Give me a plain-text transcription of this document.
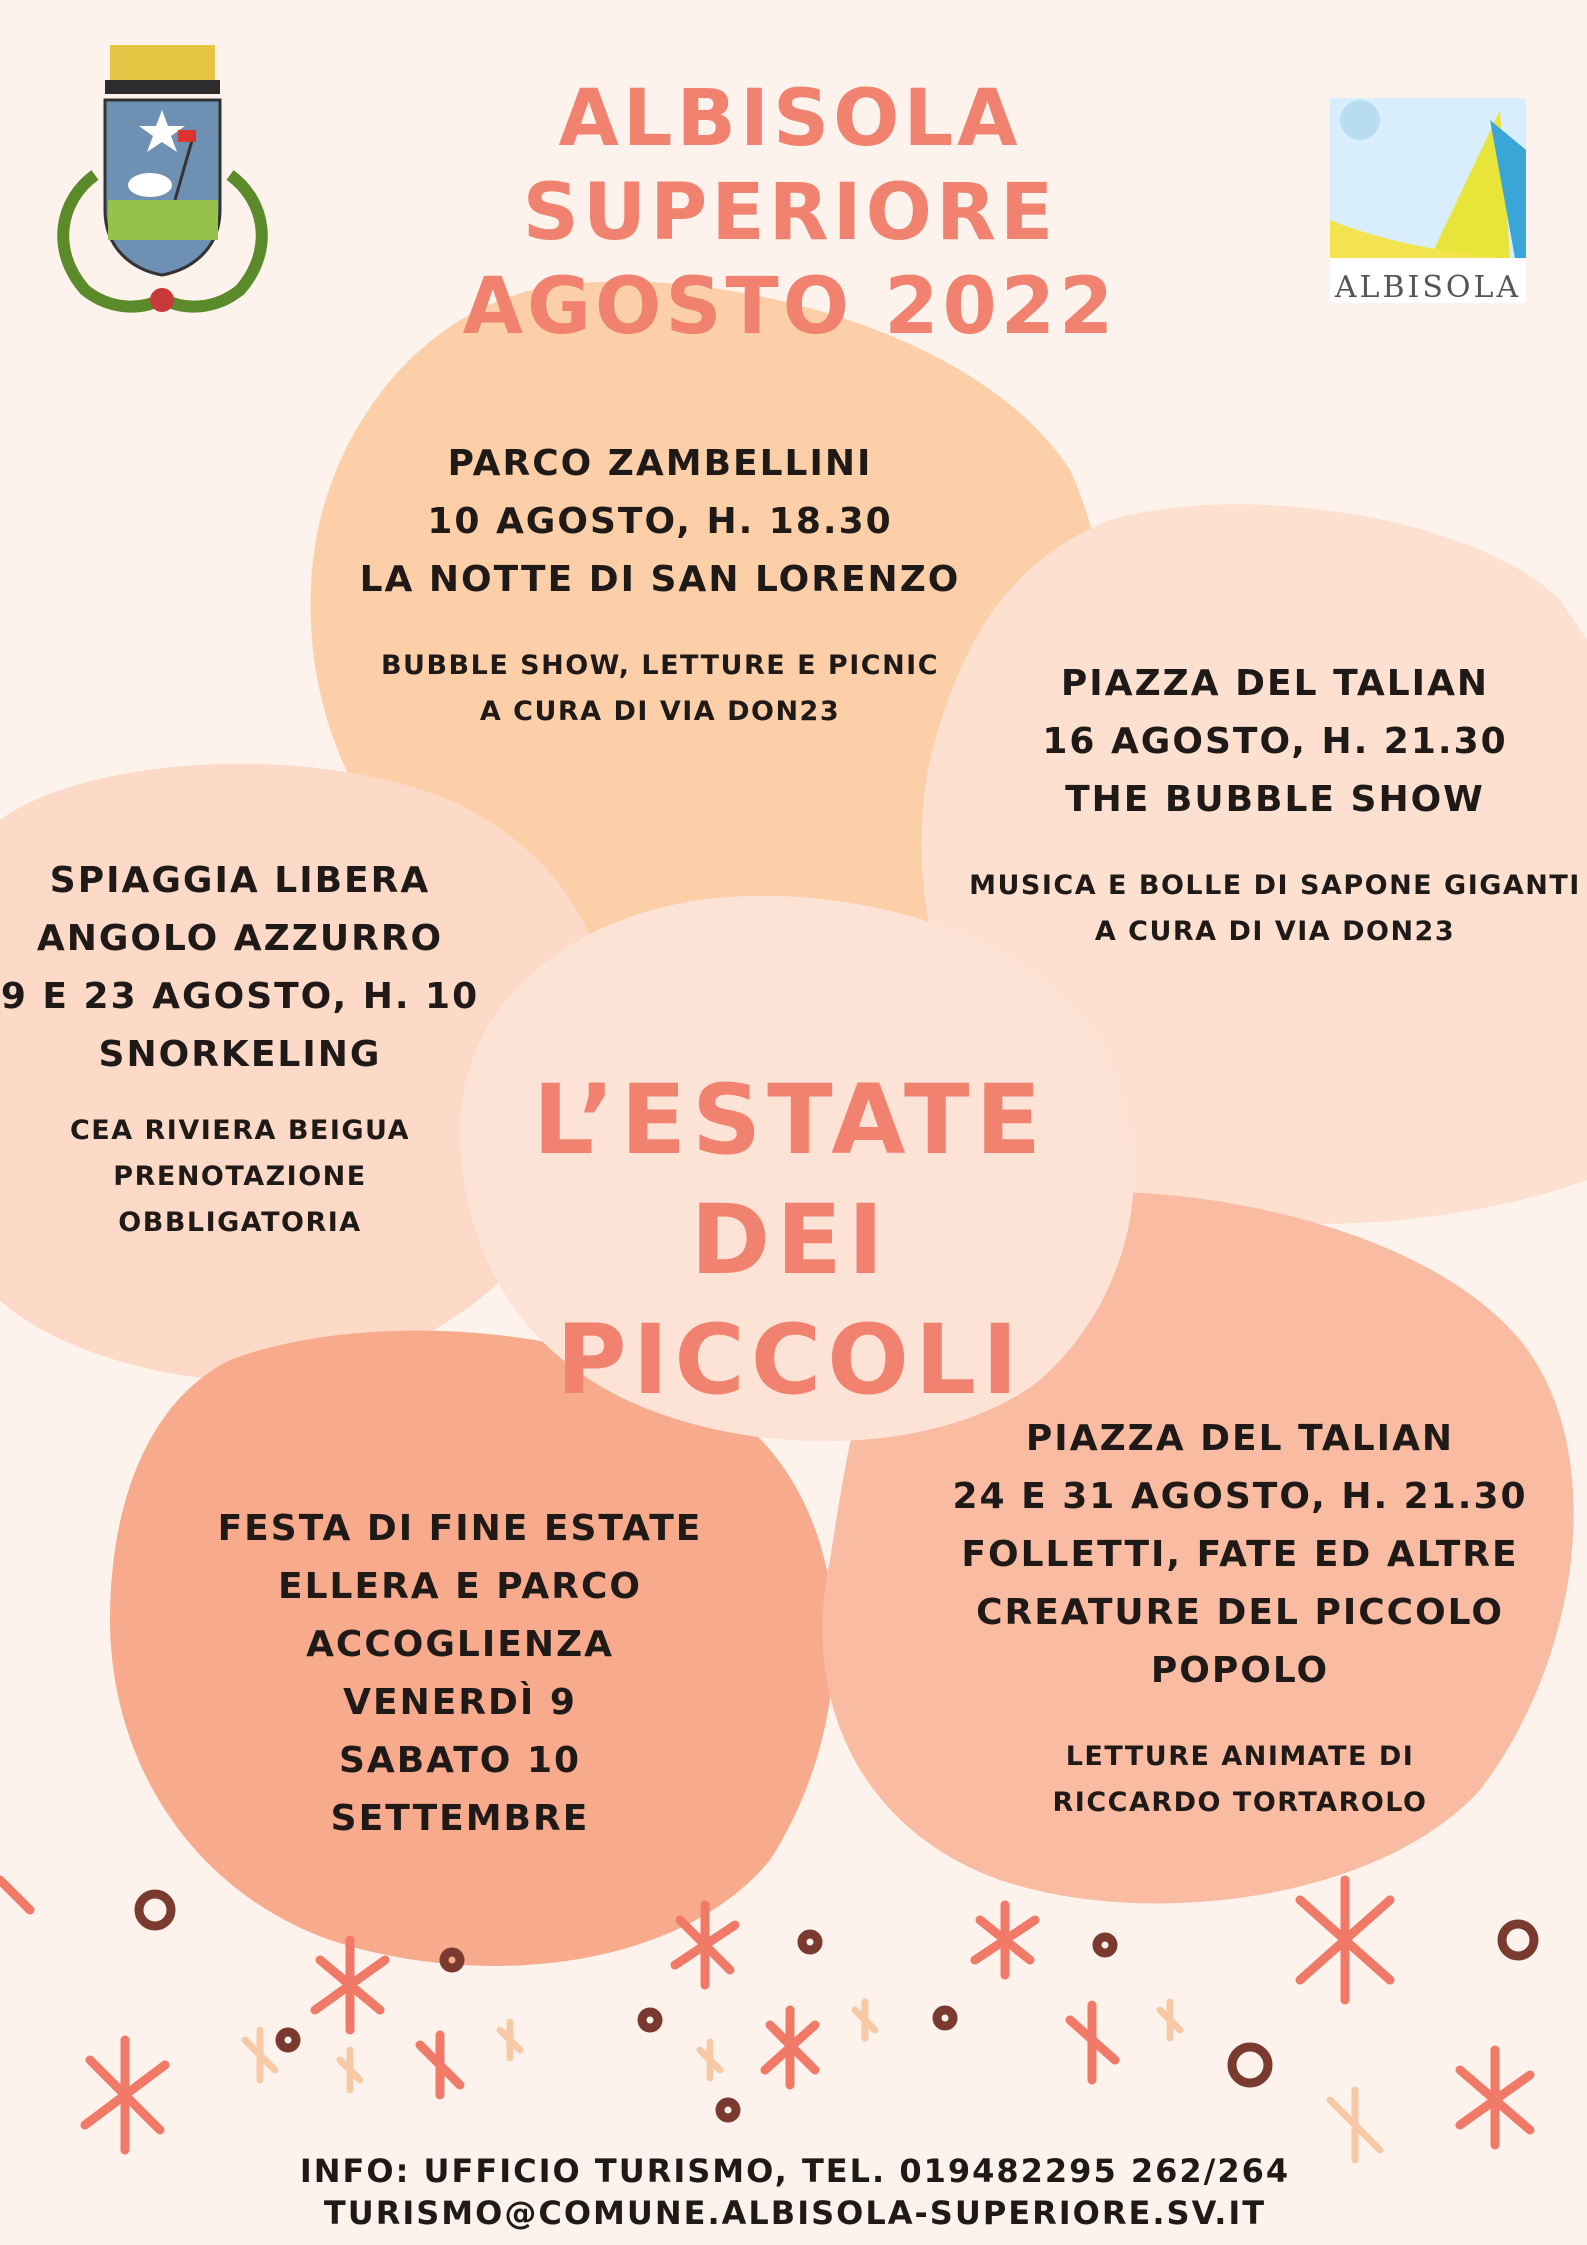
ALBISOLA SUPERIORE
AGOSTO 2022	ALBISOLA
PARCO ZAMBELLINI
10 AGOSTO, H. 18.30
LA NOTTE DI SAN LORENZO
BUBBLE SHOW, LETTURE E PICNIC
A CURA DI VIA DON23
PIAZZA DEL TALIAN
16 AGOSTO, H. 21.30
THE BUBBLE SHOW
MUSICA E BOLLE DI SAPONE GIGANTI
A CURA DI VIA DON23
SPIAGGIA LIBERA
ANGOLO AZZURRO
9 E 23 AGOSTO, H. 10
SNORKELING
CEA RIVIERA BEIGUA
PRENOTAZIONE OBBLIGATORIA
L’ESTATE
DEI PICCOLI
FESTA DI FINE ESTATE
ELLERA E PARCO ACCOGLIENZA
VENERDÌ 9
SABATO 10
SETTEMBRE
PIAZZA DEL TALIAN
24 E 31 AGOSTO, H. 21.30
FOLLETTI, FATE ED ALTRE
CREATURE DEL PICCOLO POPOLO
LETTURE ANIMATE DI
RICCARDO TORTAROLO
INFO: UFFICIO TURISMO, TEL. 019482295 262/264
TURISMO@COMUNE.ALBISOLA-SUPERIORE.SV.IT
